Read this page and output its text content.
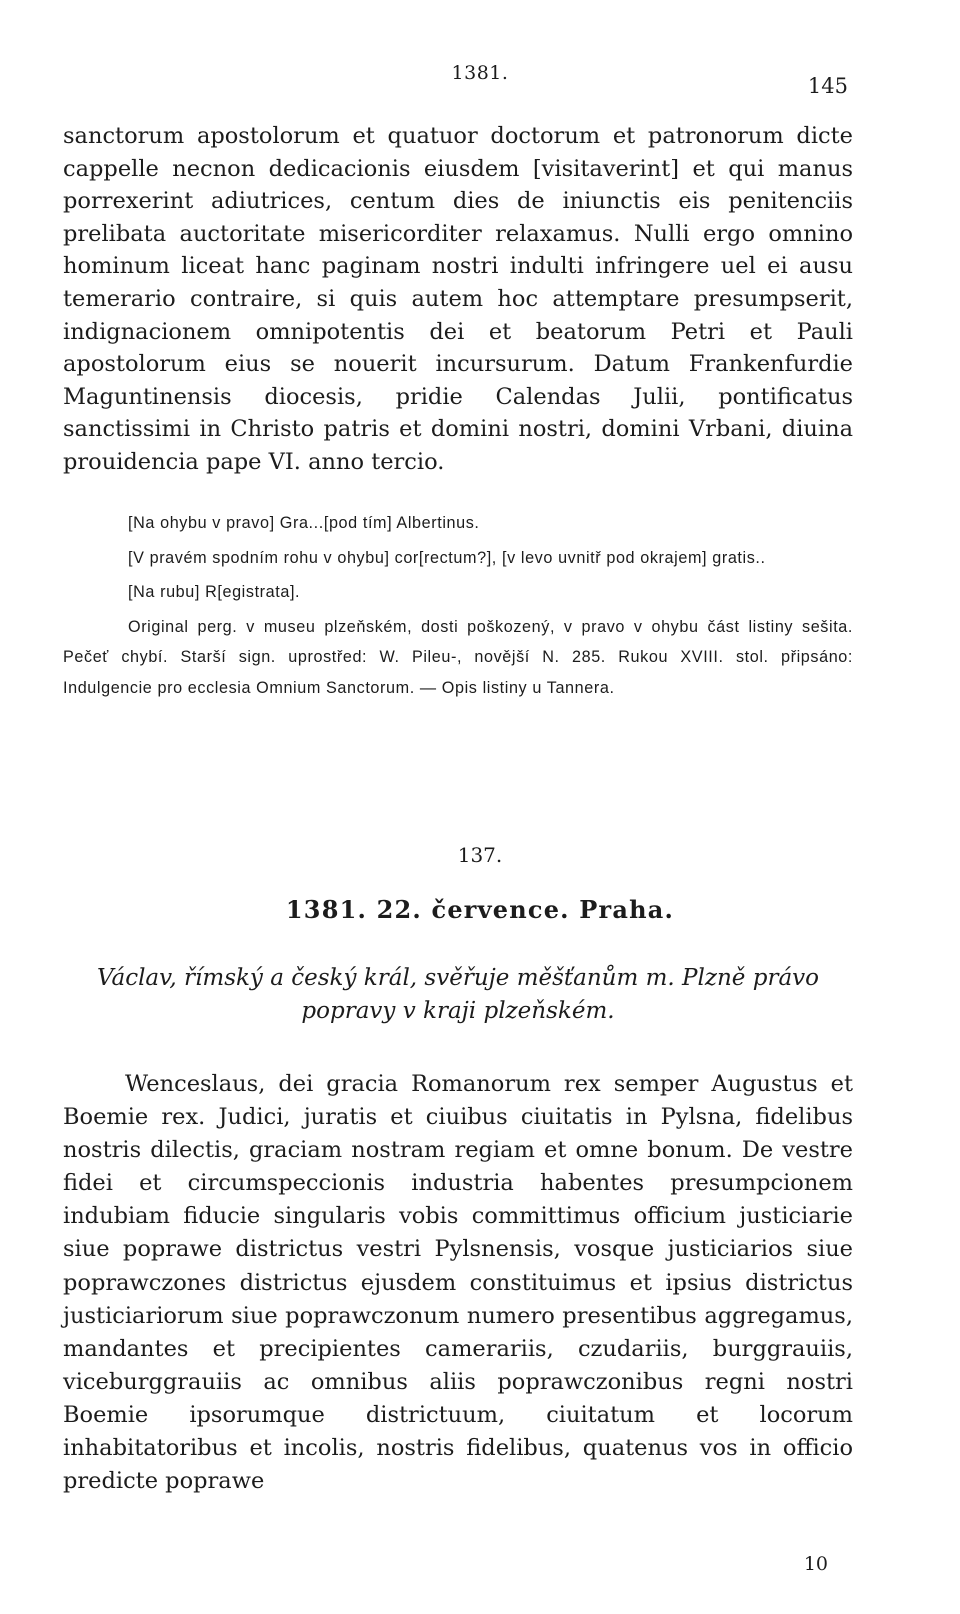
1381.
145

sanctorum apostolorum et quatuor doctorum et patronorum dicte cappelle necnon dedicacionis eiusdem [visitaverint] et qui manus porrexerint adiutrices, centum dies de iniunctis eis penitenciis prelibata auctoritate misericorditer relaxamus. Nulli ergo omnino hominum liceat hanc paginam nostri indulti infringere uel ei ausu temerario contraire, si quis autem hoc attemptare presumpserit, indignacionem omnipotentis dei et beatorum Petri et Pauli apostolorum eius se nouerit incursurum. Datum Frankenfurdie Maguntinensis diocesis, pridie Calendas Julii, pontificatus sanctissimi in Christo patris et domini nostri, domini Vrbani, diuina prouidencia pape VI. anno tercio.

[Na ohybu v pravo] Gra...[pod tím] Albertinus.

[V pravém spodním rohu v ohybu] cor[rectum?], [v levo uvnitř pod okrajem] gratis..

[Na rubu] R[egistrata].

Original perg. v museu plzeňském, dosti poškozený, v pravo v ohybu část listiny sešita. Pečeť chybí. Starší sign. uprostřed: W. Pileu-, novější N. 285. Rukou XVIII. stol. připsáno: Indulgencie pro ecclesia Omnium Sanctorum. — Opis listiny u Tannera.

137.
1381. 22. července. Praha.

Václav, římský a český král, svěřuje měšťanům m. Plzně právo popravy v kraji plzeňském.

Wenceslaus, dei gracia Romanorum rex semper Augustus et Boemie rex. Judici, juratis et ciuibus ciuitatis in Pylsna, fidelibus nostris dilectis, graciam nostram regiam et omne bonum. De vestre fidei et circumspeccionis industria habentes presumpcionem indubiam fiducie singularis vobis committimus officium justiciarie siue poprawe districtus vestri Pylsnensis, vosque justiciarios siue poprawczones districtus ejusdem constituimus et ipsius districtus justiciariorum siue poprawczonum numero presentibus aggregamus, mandantes et precipientes camerariis, czudariis, burggrauiis, viceburggrauiis ac omnibus aliis poprawczonibus regni nostri Boemie ipsorumque districtuum, ciuitatum et locorum inhabitatoribus et incolis, nostris fidelibus, quatenus vos in officio predicte poprawe

10
